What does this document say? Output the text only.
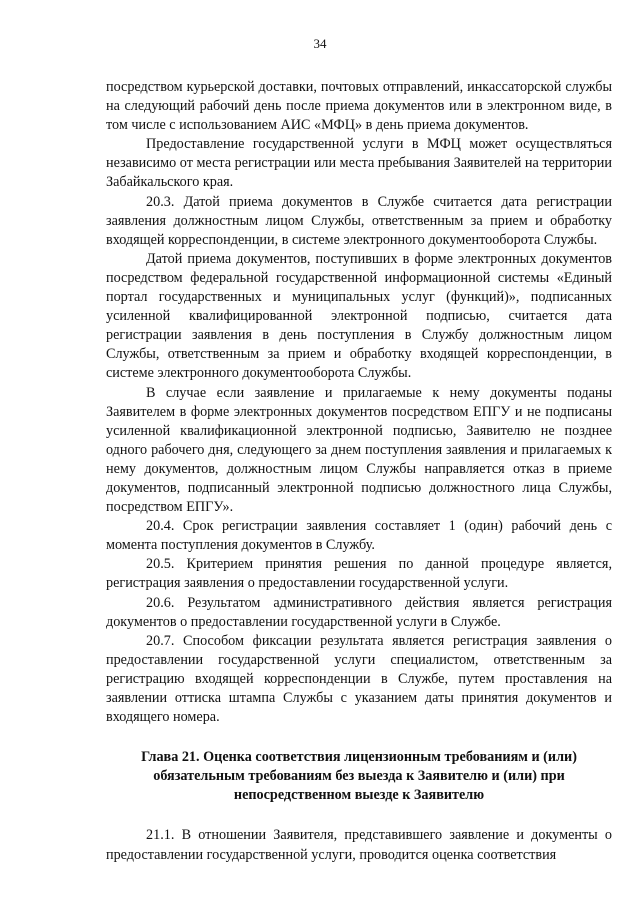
34

посредством курьерской доставки, почтовых отправлений, инкассаторской службы на следующий рабочий день после приема документов или в электронном виде, в том числе с использованием АИС «МФЦ» в день приема документов.

Предоставление государственной услуги в МФЦ может осуществляться независимо от места регистрации или места пребывания Заявителей на территории Забайкальского края.

20.3. Датой приема документов в Службе считается дата регистрации заявления должностным лицом Службы, ответственным за прием и обработку входящей корреспонденции, в системе электронного документооборота Службы.

Датой приема документов, поступивших в форме электронных документов посредством федеральной государственной информационной системы «Единый портал государственных и муниципальных услуг (функций)», подписанных усиленной квалифицированной электронной подписью, считается дата регистрации заявления в день поступления в Службу должностным лицом Службы, ответственным за прием и обработку входящей корреспонденции, в системе электронного документооборота Службы.

В случае если заявление и прилагаемые к нему документы поданы Заявителем в форме электронных документов посредством ЕПГУ и не подписаны усиленной квалификационной электронной подписью, Заявителю не позднее одного рабочего дня, следующего за днем поступления заявления и прилагаемых к нему документов, должностным лицом Службы направляется отказ в приеме документов, подписанный электронной подписью должностного лица Службы, посредством ЕПГУ».

20.4. Срок регистрации заявления составляет 1 (один) рабочий день с момента поступления документов в Службу.

20.5. Критерием принятия решения по данной процедуре является, регистрация заявления о предоставлении государственной услуги.

20.6. Результатом административного действия является регистрация документов о предоставлении государственной услуги в Службе.

20.7. Способом фиксации результата является регистрация заявления о предоставлении государственной услуги специалистом, ответственным за регистрацию входящей корреспонденции в Службе, путем проставления на заявлении оттиска штампа Службы с указанием даты принятия документов и входящего номера.

Глава 21. Оценка соответствия лицензионным требованиям и (или) обязательным требованиям без выезда к Заявителю и (или) при непосредственном выезде к Заявителю

21.1. В отношении Заявителя, представившего заявление и документы о предоставлении государственной услуги, проводится оценка соответствия
